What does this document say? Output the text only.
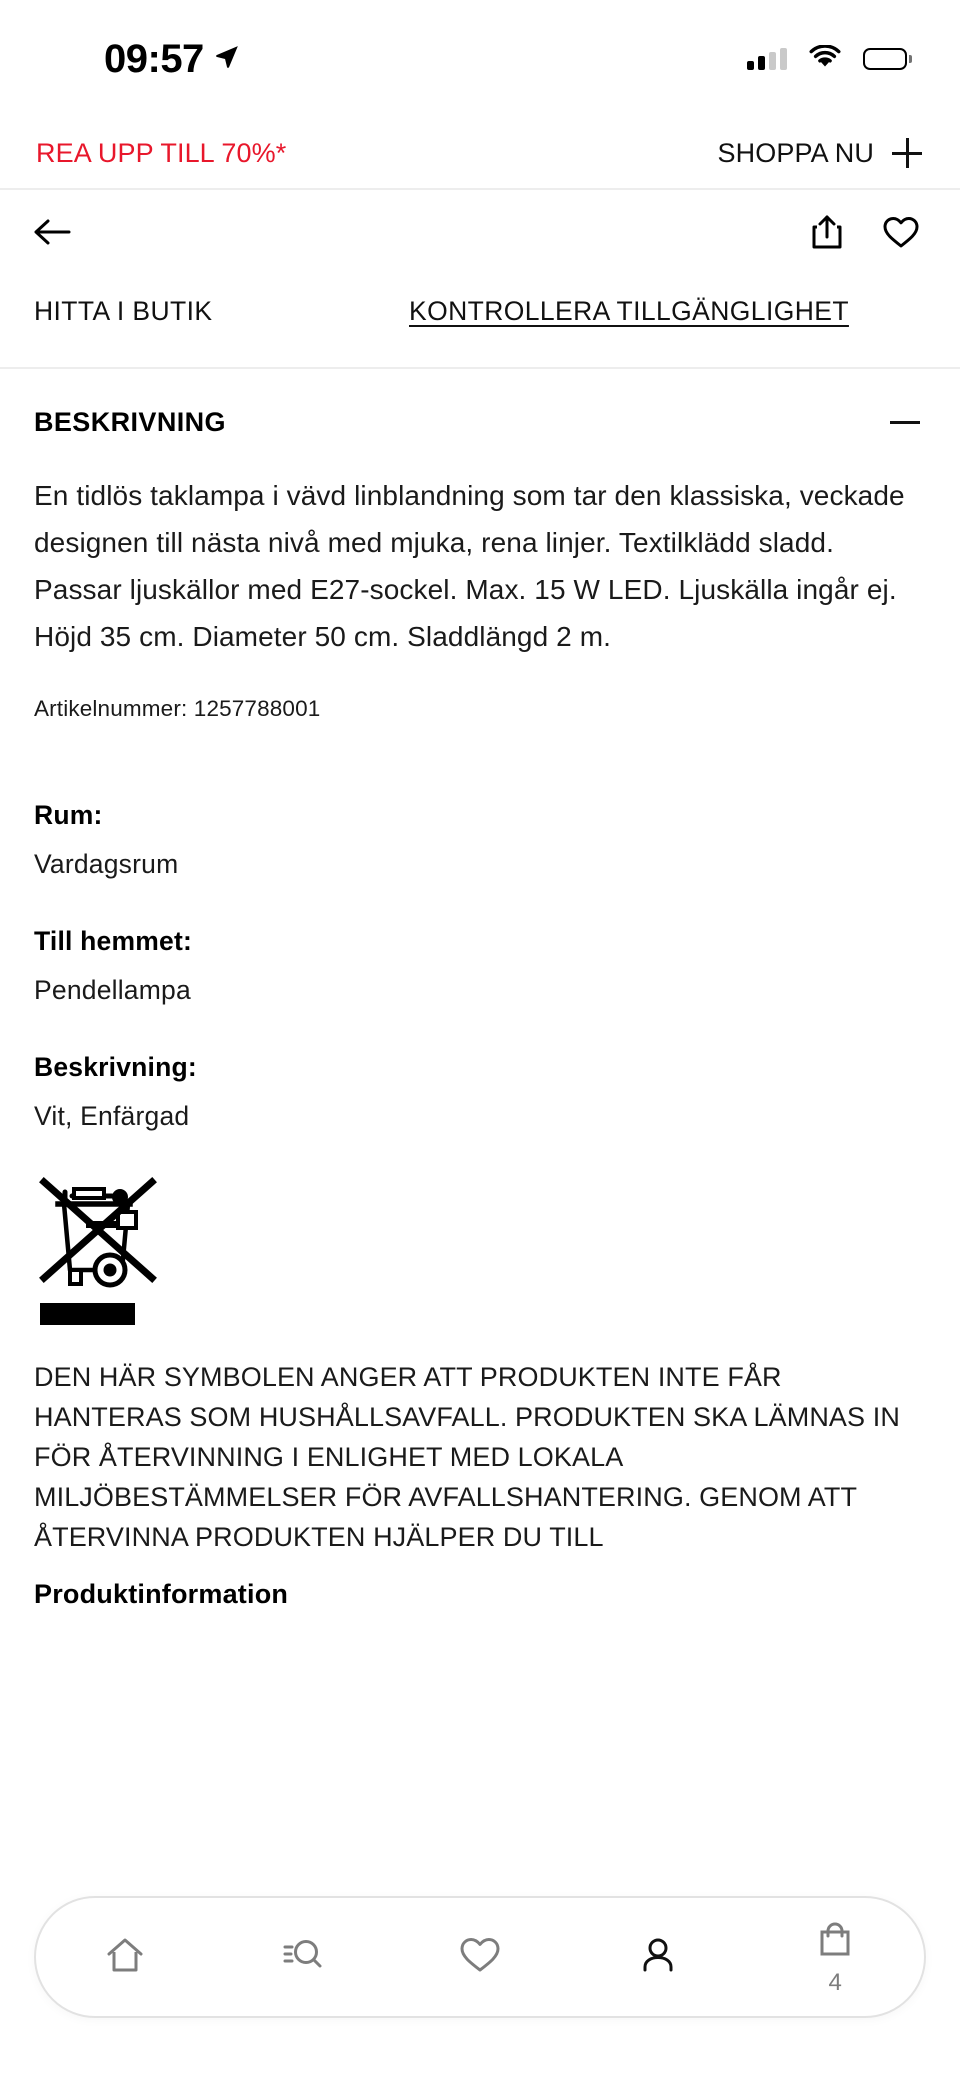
09:57
REA UPP TILL 70%*	SHOPPA NU
HITTA I BUTIK	KONTROLLERA TILLGÄNGLIGHET
BESKRIVNING

En tidlös taklampa i vävd linblandning som tar den klassiska, veckade designen till nästa nivå med mjuka, rena linjer. Textilklädd sladd. Passar ljuskällor med E27-sockel. Max. 15 W LED. Ljuskälla ingår ej. Höjd 35 cm. Diameter 50 cm. Sladdlängd 2 m.

Artikelnummer: 1257788001

Rum:
Vardagsrum
Till hemmet:
Pendellampa
Beskrivning:
Vit, Enfärgad

DEN HÄR SYMBOLEN ANGER ATT PRODUKTEN INTE FÅR HANTERAS SOM HUSHÅLLSAVFALL. PRODUKTEN SKA LÄMNAS IN FÖR ÅTERVINNING I ENLIGHET MED LOKALA MILJÖBESTÄMMELSER FÖR AVFALLSHANTERING. GENOM ATT ÅTERVINNA PRODUKTEN HJÄLPER DU TILL

Produktinformation
4
